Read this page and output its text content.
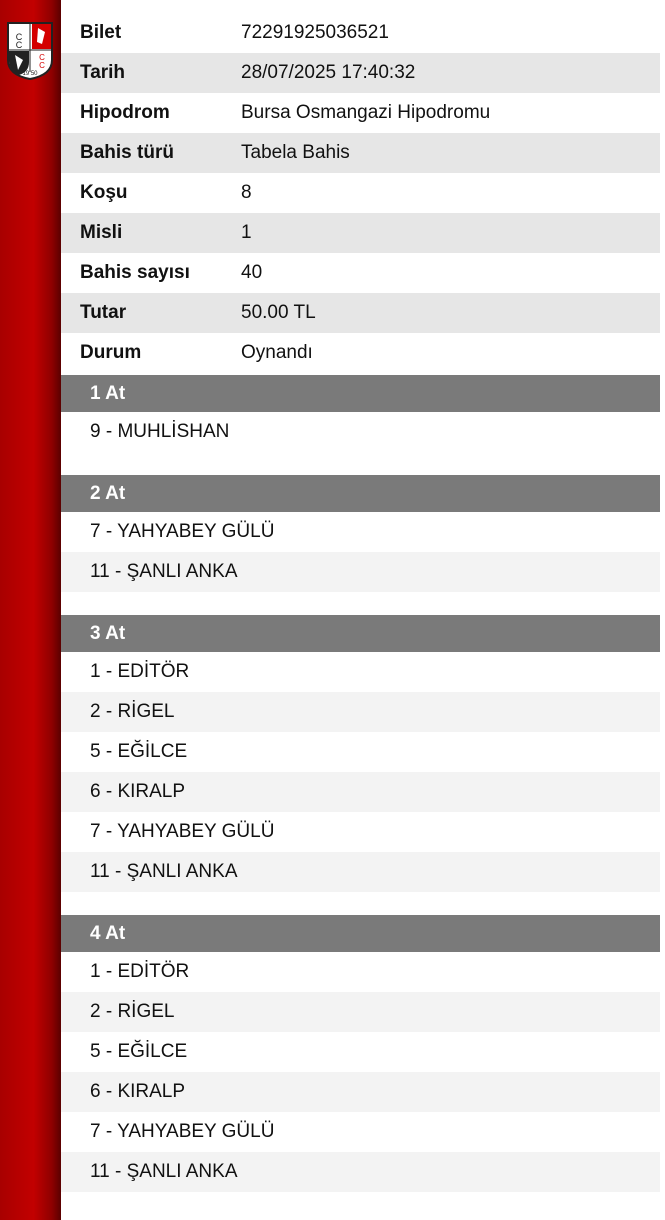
C
C
C
C
19 50
Bilet	72291925036521
Tarih	28/07/2025 17:40:32
Hipodrom	Bursa Osmangazi Hipodromu
Bahis türü	Tabela Bahis
Koşu	8
Misli	1
Bahis sayısı	40
Tutar	50.00 TL
Durum	Oynandı
1 At
9 - MUHLİSHAN
2 At
7 - YAHYABEY GÜLÜ
11 - ŞANLI ANKA
3 At
1 - EDİTÖR
2 - RİGEL
5 - EĞİLCE
6 - KIRALP
7 - YAHYABEY GÜLÜ
11 - ŞANLI ANKA
4 At
1 - EDİTÖR
2 - RİGEL
5 - EĞİLCE
6 - KIRALP
7 - YAHYABEY GÜLÜ
11 - ŞANLI ANKA
